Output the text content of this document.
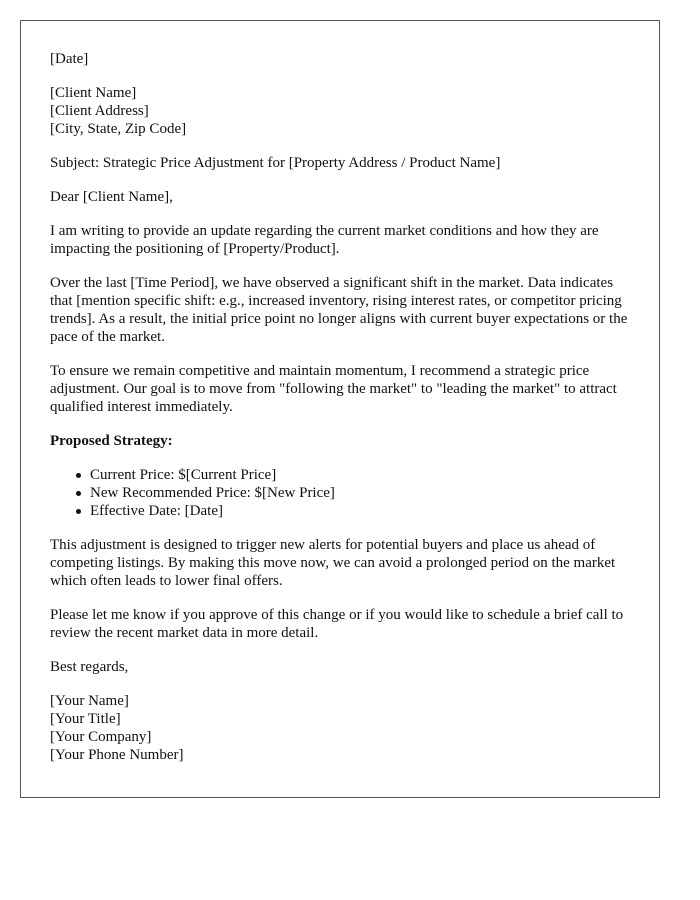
[Date]

[Client Name]
[Client Address]
[City, State, Zip Code]

Subject: Strategic Price Adjustment for [Property Address / Product Name]

Dear [Client Name],

I am writing to provide an update regarding the current market conditions and how they are impacting the positioning of [Property/Product].

Over the last [Time Period], we have observed a significant shift in the market. Data indicates that [mention specific shift: e.g., increased inventory, rising interest rates, or competitor pricing trends]. As a result, the initial price point no longer aligns with current buyer expectations or the pace of the market.

To ensure we remain competitive and maintain momentum, I recommend a strategic price adjustment. Our goal is to move from "following the market" to "leading the market" to attract qualified interest immediately.

Proposed Strategy:

Current Price: $[Current Price]
New Recommended Price: $[New Price]
Effective Date: [Date]

This adjustment is designed to trigger new alerts for potential buyers and place us ahead of competing listings. By making this move now, we can avoid a prolonged period on the market which often leads to lower final offers.

Please let me know if you approve of this change or if you would like to schedule a brief call to review the recent market data in more detail.

Best regards,

[Your Name]
[Your Title]
[Your Company]
[Your Phone Number]
